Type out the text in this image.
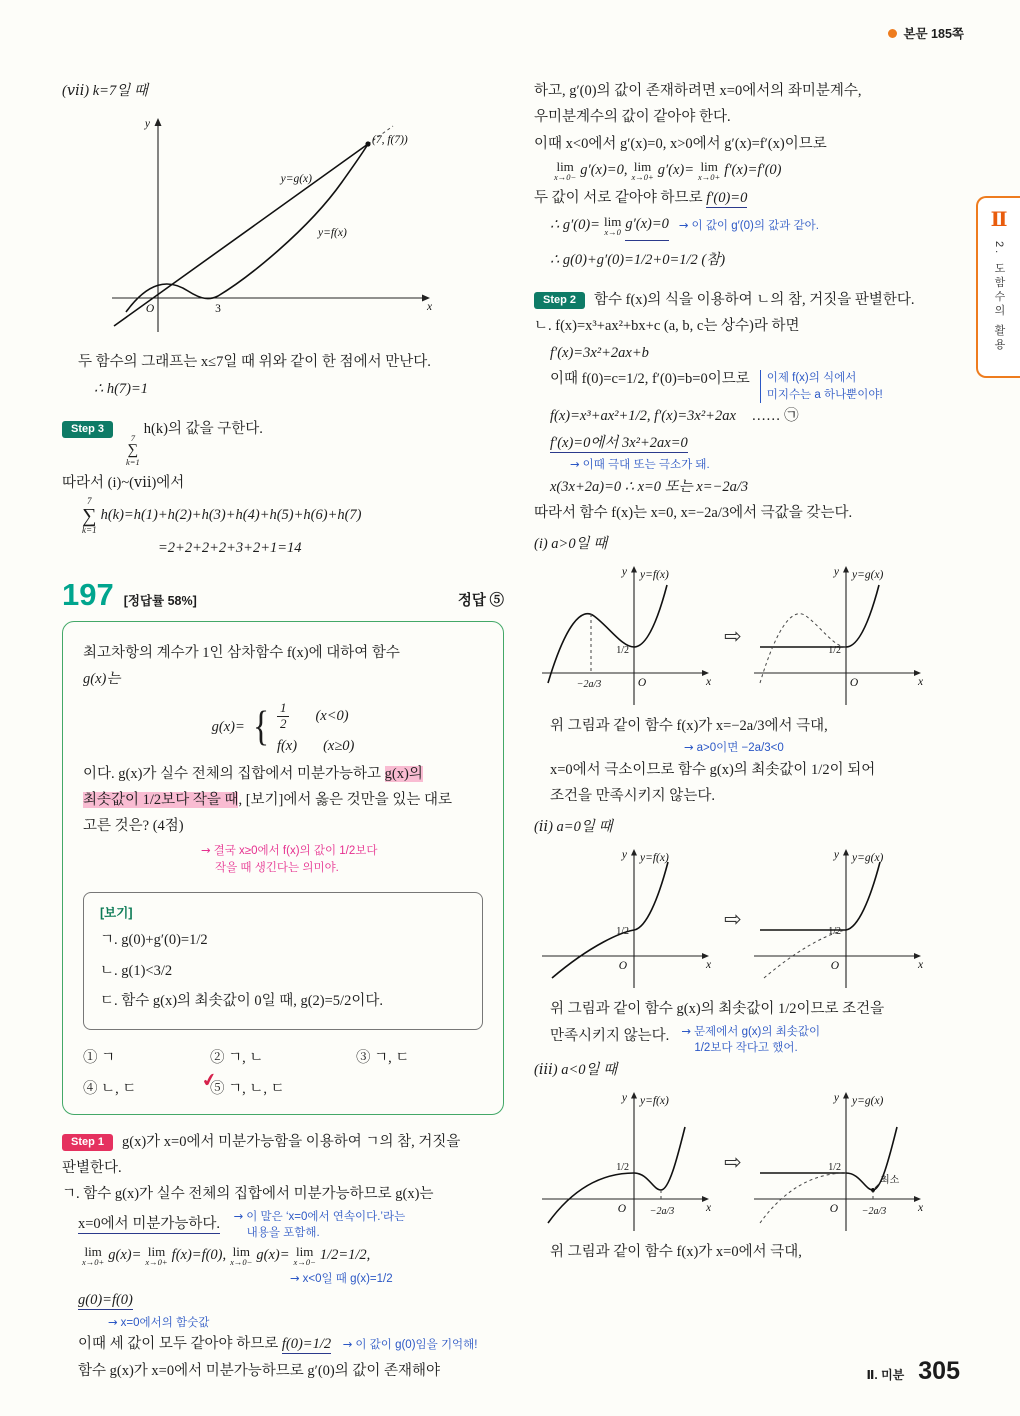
본문 185쪽
Ⅱ
2. 도함수의 활용
(ⅶ) k=7일 때
y
x
O	3
(7, f(7))
y=g(x)
y=f(x)
두 함수의 그래프는 x≤7일 때 위와 같이 한 점에서 만난다.
∴ h(7)=1
Step 3
7
∑
k=1
h(k)의 값을 구한다.
따라서 (i)~(ⅶ)에서
7
∑
k=1
h(k)=h(1)+h(2)+h(3)+h(4)+h(5)+h(6)+h(7)
=2+2+2+2+3+2+1=14
197 [정답률 58%]	정답 ⑤
최고차항의 계수가 1인 삼차함수 f(x)에 대하여 함수
g(x)는
g(x)= { 1
2 (x<0)
f(x) (x≥0)
이다. g(x)가 실수 전체의 집합에서 미분가능하고 g(x)의
최솟값이 1/2보다 작을 때, [보기]에서 옳은 것만을 있는 대로
고른 것은? (4점)
→ 결국 x≥0에서 f(x)의 값이 1/2보다
작을 때 생긴다는 의미야.
[보기]
ㄱ. g(0)+g′(0)=1/2
ㄴ. g(1)<3/2
ㄷ. 함수 g(x)의 최솟값이 0일 때, g(2)=5/2이다.
① ㄱ	② ㄱ, ㄴ	③ ㄱ, ㄷ
④ ㄴ, ㄷ	✔
⑤ ㄱ, ㄴ, ㄷ
Step 1	g(x)가 x=0에서 미분가능함을 이용하여 ㄱ의 참, 거짓을
판별한다.
ㄱ. 함수 g(x)가 실수 전체의 집합에서 미분가능하므로 g(x)는
x=0에서 미분가능하다. → 이 말은 ‘x=0에서 연속이다.’라는
내용을 포함해.
lim
x→0+ g(x)= lim
x→0+ f(x)=f(0), lim
x→0− g(x)= lim
x→0− 1/2=1/2,
→ x<0일 때 g(x)=1/2
g(0)=f(0)
→ x=0에서의 함숫값
이때 세 값이 모두 같아야 하므로 f(0)=1/2 → 이 값이 g(0)임을 기억해!
함수 g(x)가 x=0에서 미분가능하므로 g′(0)의 값이 존재해야
하고, g′(0)의 값이 존재하려면 x=0에서의 좌미분계수,
우미분계수의 값이 같아야 한다.
이때 x<0에서 g′(x)=0, x>0에서 g′(x)=f′(x)이므로
lim
x→0− g′(x)=0, lim
x→0+ g′(x)= lim
x→0+ f′(x)=f′(0)
두 값이 서로 같아야 하므로 f′(0)=0
∴ g′(0)= lim
x→0
g′(x)=0 → 이 값이 g′(0)의 값과 같아.
∴ g(0)+g′(0)=1/2+0=1/2 (참)
Step 2	함수 f(x)의 식을 이용하여 ㄴ의 참, 거짓을 판별한다.
ㄴ. f(x)=x³+ax²+bx+c (a, b, c는 상수)라 하면
f′(x)=3x²+2ax+b
이때 f(0)=c=1/2, f′(0)=b=0이므로	이제 f(x)의 식에서
미지수는 a 하나뿐이야!
f(x)=x³+ax²+1/2, f′(x)=3x²+2ax …… ㉠
f′(x)=0에서 3x²+2ax=0
→ 이때 극대 또는 극소가 돼.
x(3x+2a)=0 ∴ x=0 또는 x=−2a/3
따라서 함수 f(x)는 x=0, x=−2a/3에서 극값을 갖는다.
(i) a>0일 때
y y=f(x)
1/2
−2a/3	O	x
⇨
y y=g(x)
1/2
O	x
위 그림과 같이 함수 f(x)가 x=−2a/3에서 극대,
→ a>0이면 −2a/3<0
x=0에서 극소이므로 함수 g(x)의 최솟값이 1/2이 되어
조건을 만족시키지 않는다.
(ⅱ) a=0일 때
y y=f(x)
1/2
O	x
⇨
y y=g(x)
1/2
O	x
위 그림과 같이 함수 g(x)의 최솟값이 1/2이므로 조건을
만족시키지 않는다. → 문제에서 g(x)의 최솟값이
1/2보다 작다고 했어.
(ⅲ) a<0일 때
y y=f(x)
1/2
O −2a/3	x
⇨
최소
y y=g(x)
1/2
O −2a/3	x
위 그림과 같이 함수 f(x)가 x=0에서 극대,
Ⅱ. 미분 305
